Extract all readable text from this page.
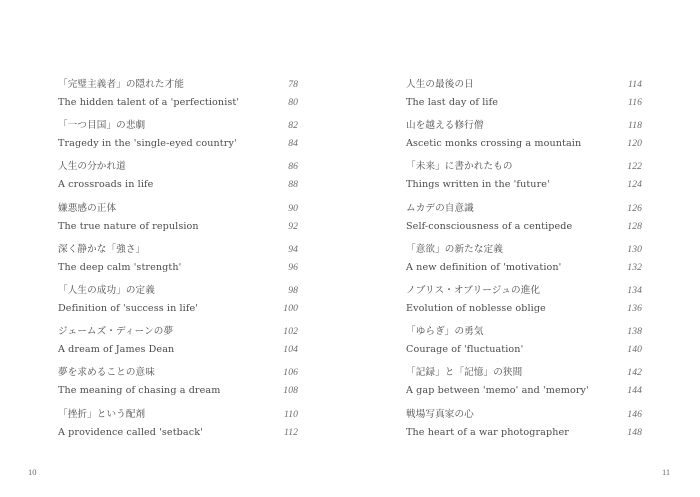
「完璧主義者」の隠れた才能	78
The hidden talent of a 'perfectionist'	80
「一つ目国」の悲劇	82
Tragedy in the 'single-eyed country'	84
人生の分かれ道	86
A crossroads in life	88
嫌悪感の正体	90
The true nature of repulsion	92
深く静かな「強さ」	94
The deep calm 'strength'	96
「人生の成功」の定義	98
Definition of 'success in life'	100
ジェームズ・ディーンの夢	102
A dream of James Dean	104
夢を求めることの意味	106
The meaning of chasing a dream	108
「挫折」という配剤	110
A providence called 'setback'	112
人生の最後の日	114
The last day of life	116
山を越える修行僧	118
Ascetic monks crossing a mountain	120
「未来」に書かれたもの	122
Things written in the 'future'	124
ムカデの自意識	126
Self-consciousness of a centipede	128
「意欲」の新たな定義	130
A new definition of 'motivation'	132
ノブリス・オブリージュの進化	134
Evolution of noblesse oblige	136
「ゆらぎ」の勇気	138
Courage of 'fluctuation'	140
「記録」と「記憶」の狭間	142
A gap between 'memo' and 'memory'	144
戦場写真家の心	146
The heart of a war photographer	148
10	11
